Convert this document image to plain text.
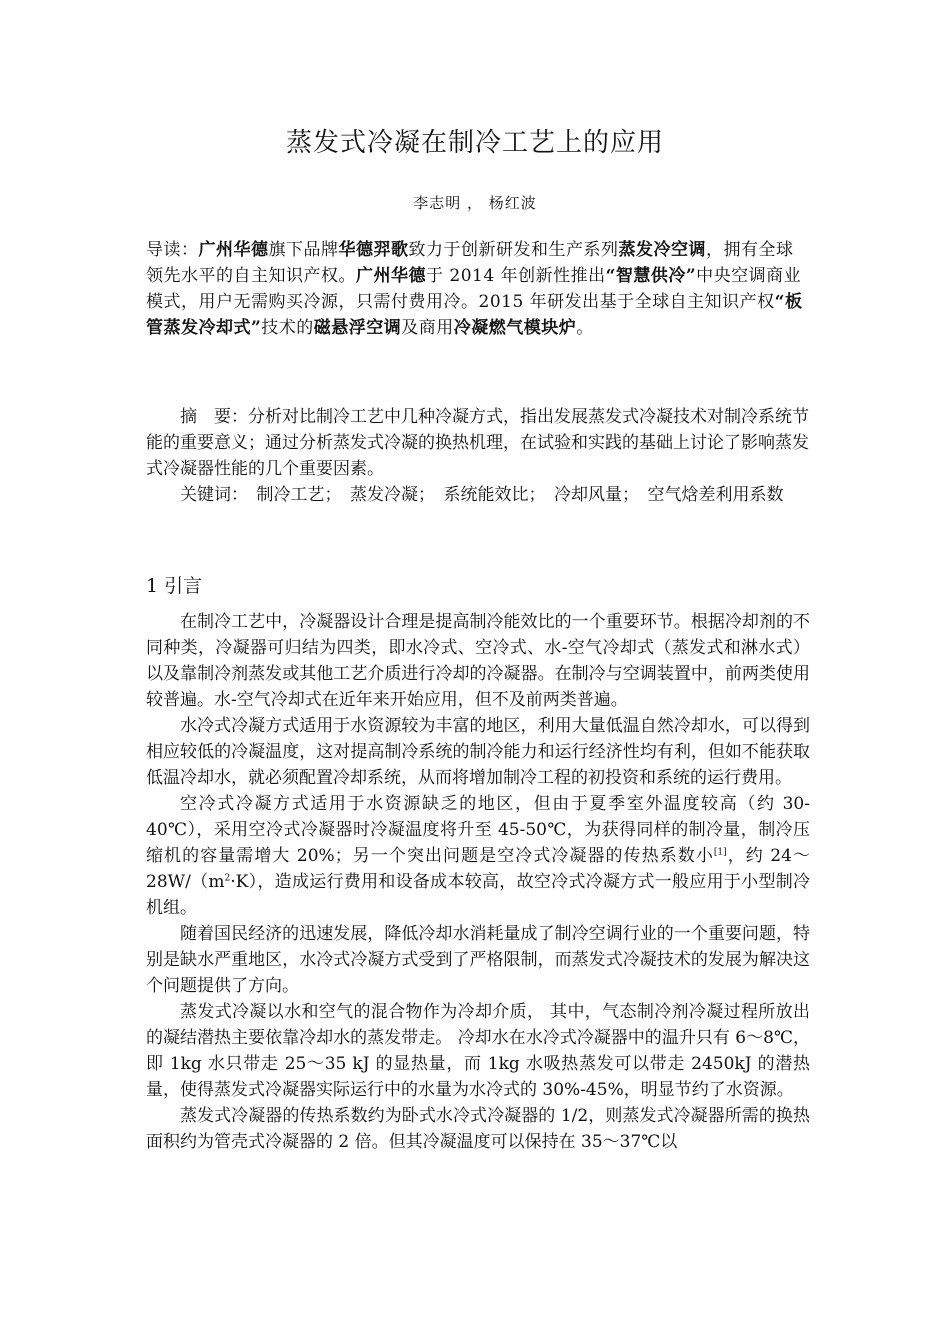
蒸发式冷凝在制冷工艺上的应用
李志明 ， 杨红波
导读：广州华德旗下品牌华德羿歌致力于创新研发和生产系列蒸发冷空调，拥有全球领先水平的自主知识产权。广州华德于 2014 年创新性推出“智慧供冷”中央空调商业模式，用户无需购买冷源，只需付费用冷。2015 年研发出基于全球自主知识产权“板管蒸发冷却式”技术的磁悬浮空调及商用冷凝燃气模块炉。

摘　要：分析对比制冷工艺中几种冷凝方式，指出发展蒸发式冷凝技术对制冷系统节能的重要意义；通过分析蒸发式冷凝的换热机理，在试验和实践的基础上讨论了影响蒸发式冷凝器性能的几个重要因素。

关键词：　制冷工艺；　蒸发冷凝；　系统能效比；　冷却风量；　空气焓差利用系数

1 引言

在制冷工艺中，冷凝器设计合理是提高制冷能效比的一个重要环节。根据冷却剂的不同种类，冷凝器可归结为四类，即水冷式、空冷式、水-空气冷却式（蒸发式和淋水式）以及靠制冷剂蒸发或其他工艺介质进行冷却的冷凝器。在制冷与空调装置中，前两类使用较普遍。水-空气冷却式在近年来开始应用，但不及前两类普遍。

水冷式冷凝方式适用于水资源较为丰富的地区，利用大量低温自然冷却水，可以得到相应较低的冷凝温度，这对提高制冷系统的制冷能力和运行经济性均有利，但如不能获取低温冷却水，就必须配置冷却系统，从而将增加制冷工程的初投资和系统的运行费用。

空冷式冷凝方式适用于水资源缺乏的地区，但由于夏季室外温度较高（约 30-40℃），采用空冷式冷凝器时冷凝温度将升至 45-50℃，为获得同样的制冷量，制冷压缩机的容量需增大 20%；另一个突出问题是空冷式冷凝器的传热系数小[1]，约 $24\sim 28W/(m^2\cdot K)$，造成运行费用和设备成本较高，故空冷式冷凝方式一般应用于小型制冷机组。

随着国民经济的迅速发展，降低冷却水消耗量成了制冷空调行业的一个重要问题，特别是缺水严重地区，水冷式冷凝方式受到了严格限制，而蒸发式冷凝技术的发展为解决这个问题提供了方向。

蒸发式冷凝以水和空气的混合物作为冷却介质， 其中，气态制冷剂冷凝过程所放出的凝结潜热主要依靠冷却水的蒸发带走。 冷却水在水冷式冷凝器中的温升只有 6～8℃，即 1kg 水只带走 25～35 kJ 的显热量，而 1kg 水吸热蒸发可以带走 2450kJ 的潜热量，使得蒸发式冷凝器实际运行中的水量为水冷式的 30%-45%，明显节约了水资源。

蒸发式冷凝器的传热系数约为卧式水冷式冷凝器的 1/2，则蒸发式冷凝器所需的换热面积约为管壳式冷凝器的 2 倍。但其冷凝温度可以保持在 35～37℃以
